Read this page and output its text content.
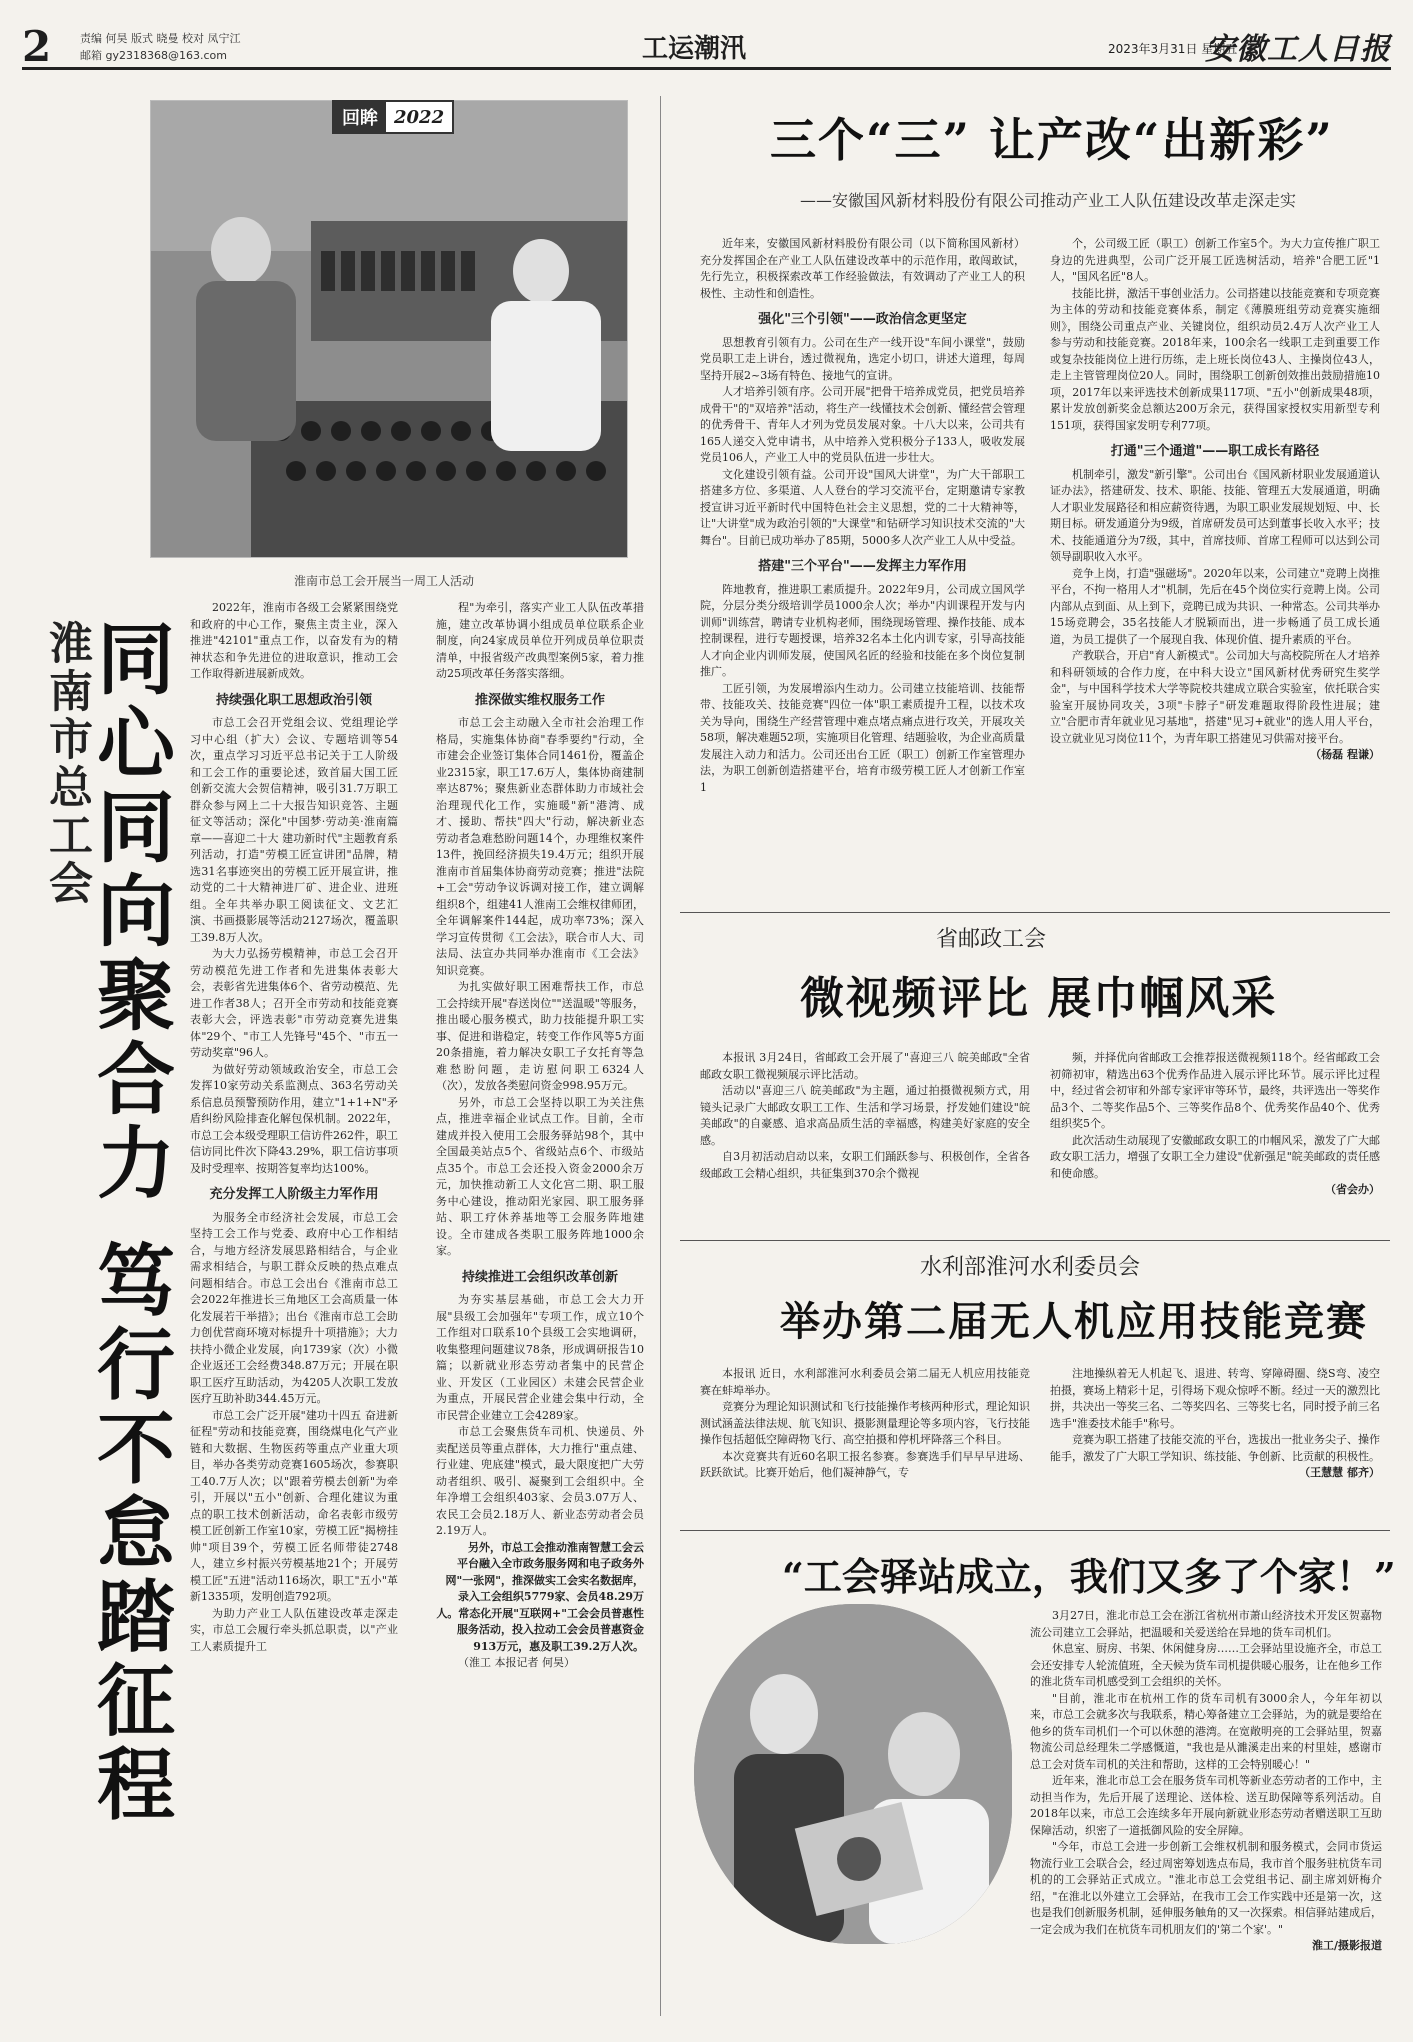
2	责编 何昊 版式 晓曼 校对 凤宁江
邮箱 gy2318368@163.com	工运潮汛	2023年3月31日 星期五
安徽工人日报
回眸 2022
淮南市总工会开展当一周工人活动
淮南市总工会
同心同向聚合力 笃行不怠踏征程

2022年，淮南市各级工会紧紧围绕党和政府的中心工作，聚焦主责主业，深入推进"42101"重点工作，以奋发有为的精神状态和争先进位的进取意识，推动工会工作取得新进展新成效。

持续强化职工思想政治引领

市总工会召开党组会议、党组理论学习中心组（扩大）会议、专题培训等54次，重点学习习近平总书记关于工人阶级和工会工作的重要论述，致首届大国工匠创新交流大会贺信精神，吸引31.7万职工群众参与网上二十大报告知识竞答、主题征文等活动；深化"中国梦·劳动美·淮南篇章——喜迎二十大 建功新时代"主题教育系列活动，打造"劳模工匠宣讲团"品牌，精选31名事迹突出的劳模工匠开展宣讲，推动党的二十大精神进厂矿、进企业、进班组。全年共举办职工阅读征文、文艺汇演、书画摄影展等活动2127场次，覆盖职工39.8万人次。

为大力弘扬劳模精神，市总工会召开劳动模范先进工作者和先进集体表彰大会，表彰省先进集体6个、省劳动模范、先进工作者38人；召开全市劳动和技能竞赛表彰大会，评选表彰"市劳动竞赛先进集体"29个、"市工人先锋号"45个、"市五一劳动奖章"96人。

为做好劳动领域政治安全，市总工会发挥10家劳动关系监测点、363名劳动关系信息员预警预防作用，建立"1+1+N"矛盾纠纷风险排查化解包保机制。2022年，市总工会本级受理职工信访件262件，职工信访同比件次下降43.29%，职工信访事项及时受理率、按期答复率均达100%。

充分发挥工人阶级主力军作用

为服务全市经济社会发展，市总工会坚持工会工作与党委、政府中心工作相结合，与地方经济发展思路相结合，与企业需求相结合，与职工群众反映的热点难点问题相结合。市总工会出台《淮南市总工会2022年推进长三角地区工会高质量一体化发展若干举措》；出台《淮南市总工会助力创优营商环境对标提升十项措施》；大力扶持小微企业发展，向1739家（次）小微企业返还工会经费348.87万元；开展在职职工医疗互助活动，为4205人次职工发放医疗互助补助344.45万元。

市总工会广泛开展"建功十四五 奋进新征程"劳动和技能竞赛，围绕煤电化气产业链和大数据、生物医药等重点产业重大项目，举办各类劳动竞赛1605场次，参赛职工40.7万人次；以"跟着劳模去创新"为牵引，开展以"五小"创新、合理化建议为重点的职工技术创新活动，命名表彰市级劳模工匠创新工作室10家，劳模工匠"揭榜挂帅"项目39个，劳模工匠名师带徒2748人，建立乡村振兴劳模基地21个；开展劳模工匠"五进"活动116场次，职工"五小"革新1335项，发明创造792项。

为助力产业工人队伍建设改革走深走实，市总工会履行牵头抓总职责，以"产业工人素质提升工

程"为牵引，落实产业工人队伍改革措施，建立改革协调小组成员单位联系企业制度，向24家成员单位开列成员单位职责清单，中报省级产改典型案例5家，着力推动25项改革任务落实落细。

推深做实维权服务工作

市总工会主动融入全市社会治理工作格局，实施集体协商"春季要约"行动，全市建会企业签订集体合同1461份，覆盖企业2315家，职工17.6万人，集体协商建制率达87%；聚焦新业态群体助力市域社会治理现代化工作，实施暖"新"港湾、成才、援助、帮扶"四大"行动，解决新业态劳动者急难愁盼问题14个，办理维权案件13件，挽回经济损失19.4万元；组织开展淮南市首届集体协商劳动竞赛；推进"法院+工会"劳动争议诉调对接工作，建立调解组织8个，组建41人淮南工会维权律师团，全年调解案件144起，成功率73%；深入学习宣传贯彻《工会法》，联合市人大、司法局、法宣办共同举办淮南市《工会法》知识竞赛。

为扎实做好职工困难帮扶工作，市总工会持续开展"春送岗位""送温暖"等服务，推出暖心服务模式，助力技能提升职工实事、促进和谐稳定，转变工作作风等5方面20条措施，着力解决女职工子女托育等急难愁盼问题，走访慰问职工6324人（次），发放各类慰问资金998.95万元。

另外，市总工会坚持以职工为关注焦点，推进幸福企业试点工作。目前，全市建成并投入使用工会服务驿站98个，其中全国最美站点5个、省级站点6个、市级站点35个。市总工会还投入资金2000余万元，加快推动新工人文化宫二期、职工服务中心建设，推动阳光家园、职工服务驿站、职工疗休养基地等工会服务阵地建设。全市建成各类职工服务阵地1000余家。

持续推进工会组织改革创新

为夯实基层基础，市总工会大力开展"县级工会加强年"专项工作，成立10个工作组对口联系10个县级工会实地调研，收集整理问题建议78条，形成调研报告10篇；以新就业形态劳动者集中的民营企业、开发区（工业园区）未建会民营企业为重点，开展民营企业建会集中行动，全市民营企业建立工会4289家。

市总工会聚焦货车司机、快递员、外卖配送员等重点群体，大力推行"重点建、行业建、兜底建"模式，最大限度把广大劳动者组织、吸引、凝聚到工会组织中。全年净增工会组织403家、会员3.07万人、农民工会员2.18万人、新业态劳动者会员2.19万人。

另外，市总工会推动淮南智慧工会云平台融入全市政务服务网和电子政务外网"一张网"，推深做实工会实名数据库，录入工会组织5779家、会员48.29万人。常态化开展"互联网+"工会会员普惠性服务活动，投入拉动工会会员普惠资金913万元，惠及职工39.2万人次。

（淮工 本报记者 何昊）

三个“三” 让产改“出新彩”
——安徽国风新材料股份有限公司推动产业工人队伍建设改革走深走实

近年来，安徽国风新材料股份有限公司（以下简称国风新材）充分发挥国企在产业工人队伍建设改革中的示范作用，敢闯敢试，先行先立，积极探索改革工作经验做法，有效调动了产业工人的积极性、主动性和创造性。

强化"三个引领"——政治信念更坚定

思想教育引领有力。公司在生产一线开设"车间小课堂"，鼓励党员职工走上讲台，透过微视角，选定小切口，讲述大道理，每周坚持开展2~3场有特色、接地气的宣讲。

人才培养引领有序。公司开展"把骨干培养成党员，把党员培养成骨干"的"双培养"活动，将生产一线懂技术会创新、懂经营会管理的优秀骨干、青年人才列为党员发展对象。十八大以来，公司共有165人递交入党申请书，从中培养入党积极分子133人，吸收发展党员106人，产业工人中的党员队伍进一步壮大。

文化建设引领有益。公司开设"国风大讲堂"，为广大干部职工搭建多方位、多渠道、人人登台的学习交流平台，定期邀请专家教授宣讲习近平新时代中国特色社会主义思想，党的二十大精神等，让"大讲堂"成为政治引领的"大课堂"和钻研学习知识技术交流的"大舞台"。目前已成功举办了85期，5000多人次产业工人从中受益。

搭建"三个平台"——发挥主力军作用

阵地教育，推进职工素质提升。2022年9月，公司成立国风学院，分层分类分级培训学员1000余人次；举办"内训课程开发与内训师"训练营，聘请专业机构老师，围绕现场管理、操作技能、成本控制课程，进行专题授课，培养32名本土化内训专家，引导高技能人才向企业内训师发展，使国风名匠的经验和技能在多个岗位复制推广。

工匠引领，为发展增添内生动力。公司建立技能培训、技能帮带、技能攻关、技能竞赛"四位一体"职工素质提升工程，以技术攻关为导向，围绕生产经营管理中难点堵点痛点进行攻关，开展攻关58项，解决难题52项，实施项目化管理、结题验收，为企业高质量发展注入动力和活力。公司还出台工匠（职工）创新工作室管理办法，为职工创新创造搭建平台，培育市级劳模工匠人才创新工作室1

个，公司级工匠（职工）创新工作室5个。为大力宣传推广职工身边的先进典型，公司广泛开展工匠选树活动，培养"合肥工匠"1人，"国风名匠"8人。

技能比拼，激活干事创业活力。公司搭建以技能竞赛和专项竞赛为主体的劳动和技能竞赛体系，制定《薄膜班组劳动竞赛实施细则》，围绕公司重点产业、关键岗位，组织动员2.4万人次产业工人参与劳动和技能竞赛。2018年来，100余名一线职工走到重要工作或复杂技能岗位上进行历练，走上班长岗位43人、主操岗位43人，走上主管管理岗位20人。同时，围绕职工创新创效推出鼓励措施10项，2017年以来评选技术创新成果117项、"五小"创新成果48项，累计发放创新奖金总额达200万余元，获得国家授权实用新型专利151项，获得国家发明专利77项。

打通"三个通道"——职工成长有路径

机制牵引，激发"新引擎"。公司出台《国风新材职业发展通道认证办法》，搭建研发、技术、职能、技能、管理五大发展通道，明确人才职业发展路径和相应薪资待遇，为职工职业发展规划短、中、长期目标。研发通道分为9级，首席研发员可达到董事长收入水平；技术、技能通道分为7级，其中，首席技师、首席工程师可以达到公司领导副职收入水平。

竞争上岗，打造"强磁场"。2020年以来，公司建立"竞聘上岗推平台，不拘一格用人才"机制，先后在45个岗位实行竞聘上岗。公司内部从点到面、从上到下，竞聘已成为共识、一种常态。公司共举办15场竞聘会，35名技能人才脱颖而出，进一步畅通了员工成长通道，为员工提供了一个展现自我、体现价值、提升素质的平台。

产教联合，开启"育人新模式"。公司加大与高校院所在人才培养和科研领域的合作力度，在中科大设立"国风新材优秀研究生奖学金"，与中国科学技术大学等院校共建成立联合实验室，依托联合实验室开展协同攻关，3项"卡脖子"研发难题取得阶段性进展；建立"合肥市青年就业见习基地"，搭建"见习+就业"的选人用人平台，设立就业见习岗位11个，为青年职工搭建见习供需对接平台。

（杨磊 程谦）

省邮政工会
微视频评比 展巾帼风采

本报讯 3月24日，省邮政工会开展了"喜迎三八 皖美邮政"全省邮政女职工微视频展示评比活动。

活动以"喜迎三八 皖美邮政"为主题，通过拍摄微视频方式，用镜头记录广大邮政女职工工作、生活和学习场景，抒发她们建设"皖美邮政"的自豪感、追求高品质生活的幸福感，构建美好家庭的安全感。

自3月初活动启动以来，女职工们踊跃参与、积极创作，全省各级邮政工会精心组织，共征集到370余个微视

频，并择优向省邮政工会推荐报送微视频118个。经省邮政工会初筛初审，精选出63个优秀作品进入展示评比环节。展示评比过程中，经过省会初审和外部专家评审等环节，最终，共评选出一等奖作品3个、二等奖作品5个、三等奖作品8个、优秀奖作品40个、优秀组织奖5个。

此次活动生动展现了安徽邮政女职工的巾帼风采，激发了广大邮政女职工活力，增强了女职工全力建设"优新强足"皖美邮政的责任感和使命感。

（省会办）

水利部淮河水利委员会
举办第二届无人机应用技能竞赛

本报讯 近日，水利部淮河水利委员会第二届无人机应用技能竞赛在蚌埠举办。

竞赛分为理论知识测试和飞行技能操作考核两种形式，理论知识测试涵盖法律法规、航飞知识、摄影测量理论等多项内容，飞行技能操作包括超低空障碍物飞行、高空拍摄和停机坪降落三个科目。

本次竞赛共有近60名职工报名参赛。参赛选手们早早早进场、跃跃欲试。比赛开始后，他们凝神静气，专

注地操纵着无人机起飞、退进、转弯、穿障碍圈、绕S弯、凌空拍摄，赛场上精彩十足，引得场下观众惊呼不断。经过一天的激烈比拼，共决出一等奖三名、二等奖四名、三等奖七名，同时授予前三名选手"淮委技术能手"称号。

竞赛为职工搭建了技能交流的平台，选拔出一批业务尖子、操作能手，激发了广大职工学知识、练技能、争创新、比贡献的积极性。

（王慧慧 郁齐）

“工会驿站成立，我们又多了个家！”

3月27日，淮北市总工会在浙江省杭州市萧山经济技术开发区贺嘉物流公司建立工会驿站，把温暖和关爱送给在异地的货车司机们。

休息室、厨房、书架、休闲健身房……工会驿站里设施齐全，市总工会还安排专人轮流值班，全天候为货车司机提供暖心服务，让在他乡工作的淮北货车司机感受到工会组织的关怀。

"目前，淮北市在杭州工作的货车司机有3000余人，今年年初以来，市总工会就多次与我联系，精心筹备建立工会驿站，为的就是要给在他乡的货车司机们一个可以休憩的港湾。在宽敞明亮的工会驿站里，贺嘉物流公司总经理朱二学感慨道，"我也是从濉溪走出来的村里娃，感谢市总工会对货车司机的关注和帮助，这样的工会特别暖心！"

近年来，淮北市总工会在服务货车司机等新业态劳动者的工作中，主动担当作为，先后开展了送理论、送体检、送互助保障等系列活动。自2018年以来，市总工会连续多年开展向新就业形态劳动者赠送职工互助保障活动，织密了一道抵御风险的安全屏障。

"今年，市总工会进一步创新工会维权机制和服务模式，会同市货运物流行业工会联合会，经过周密筹划选点布局，我市首个服务驻杭货车司机的的工会驿站正式成立。"淮北市总工会党组书记、副主席刘妍梅介绍，"在淮北以外建立工会驿站，在我市工会工作实践中还是第一次，这也是我们创新服务机制，延伸服务触角的又一次探索。相信驿站建成后，一定会成为我们在杭货车司机朋友们的'第二个家'。"

淮工/摄影报道
